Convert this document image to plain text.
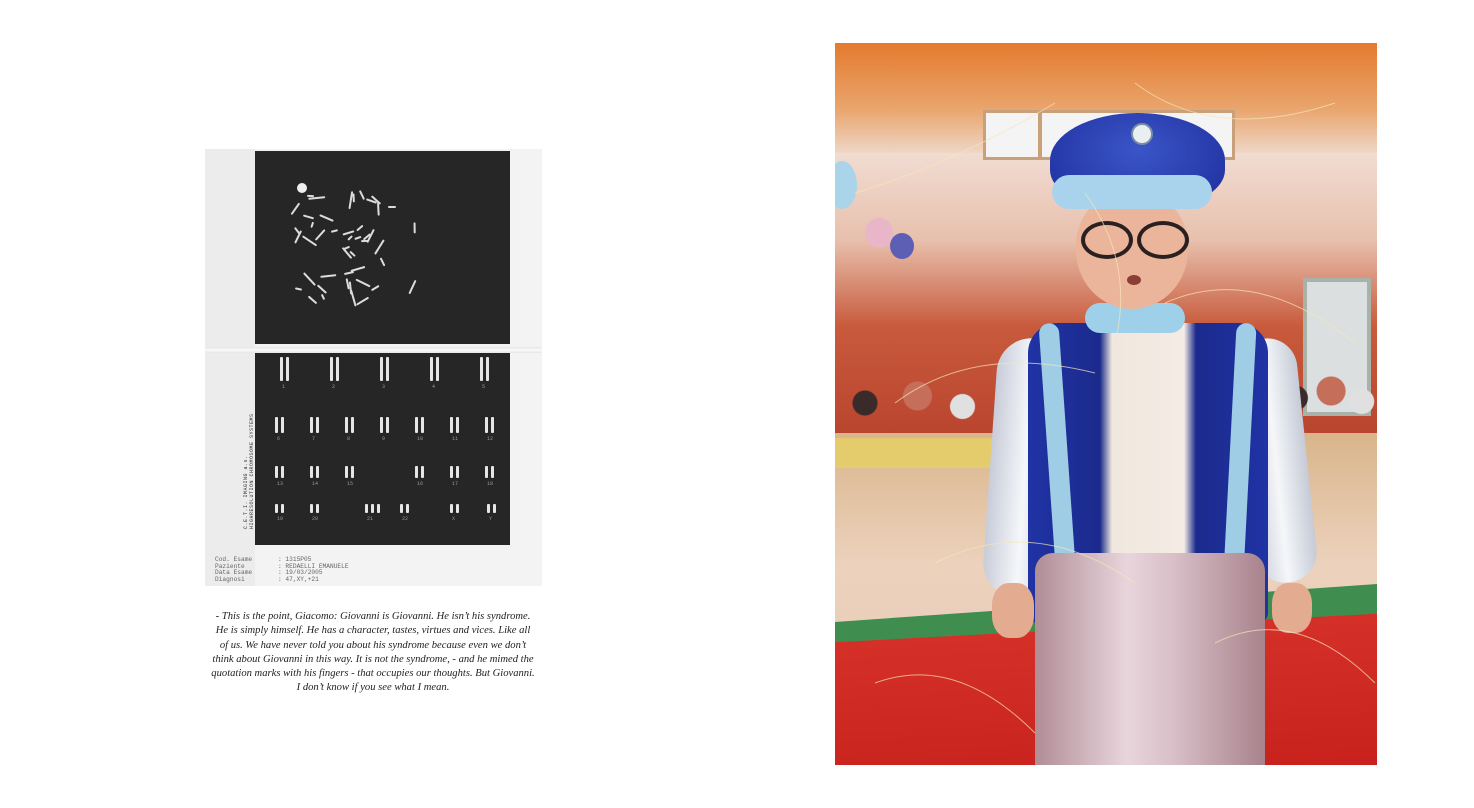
C.E.T.I. IMAGING a.s. HIGHRESOLUTION CHROMOSOME SYSTEMS
1	2	3	4	5
6	7	8	9	10	11	12
13	14	15	16	17	18
19	20	21	22	X	Y
Cod. Esame	: 1315P05
Paziente	: REDAELLI EMANUELE
Data Esame	: 19/03/2005
Diagnosi	: 47,XY,+21

- This is the point, Giacomo: Giovanni is Giovanni. He isn’t his syndrome.

He is simply himself. He has a character, tastes, virtues and vices. Like all

of us. We have never told you about his syndrome because even we don’t

think about Giovanni in this way. It is not the syndrome, - and he mimed the

quotation marks with his fingers - that occupies our thoughts. But Giovanni.

I don’t know if you see what I mean.
